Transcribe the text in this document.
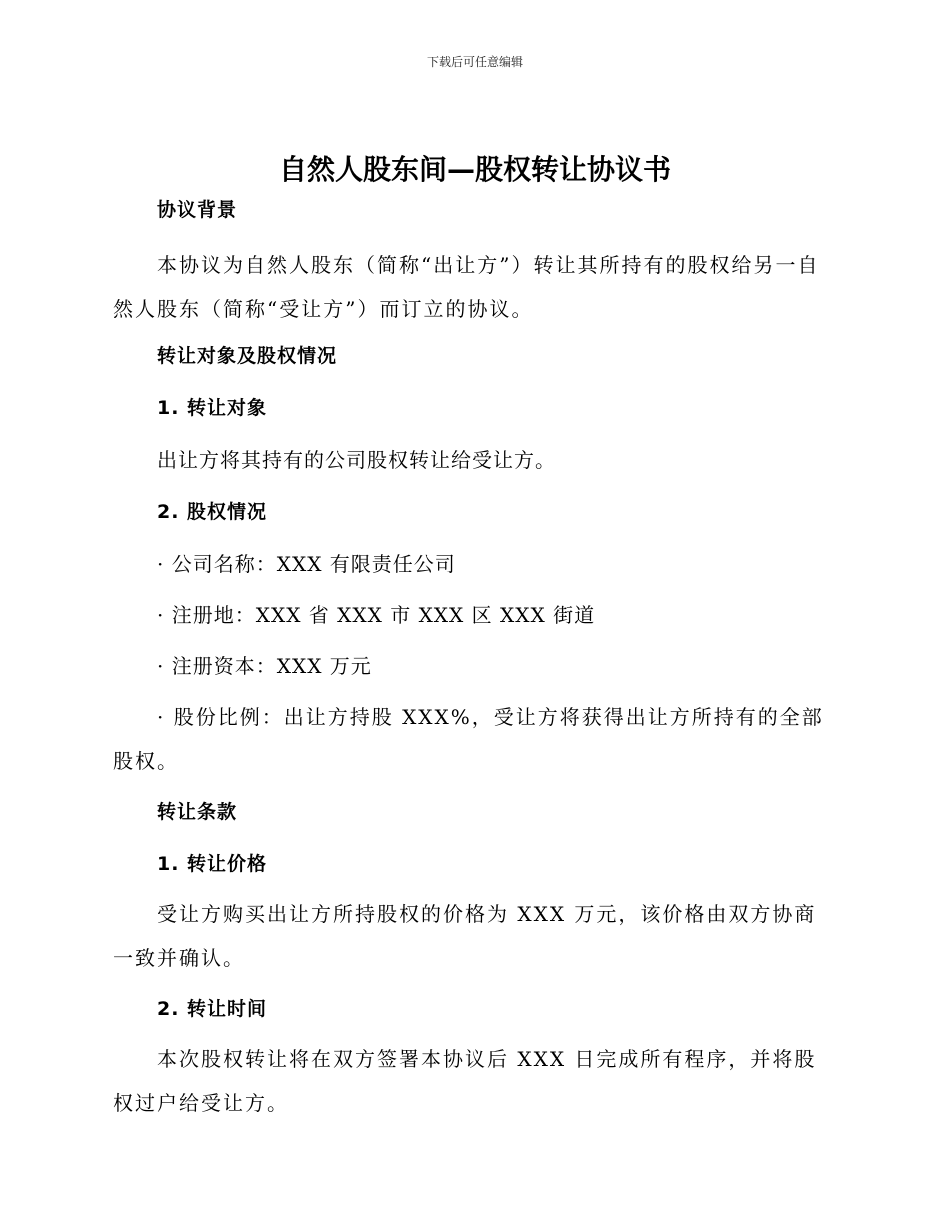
下载后可任意编辑
自然人股东间—股权转让协议书
协议背景

本协议为自然人股东（简称“出让方”）转让其所持有的股权给另一自然人股东（简称“受让方”）而订立的协议。

转让对象及股权情况
1. 转让对象
出让方将其持有的公司股权转让给受让方。
2. 股权情况
· 公司名称：XXX 有限责任公司
· 注册地：XXX 省 XXX 市 XXX 区 XXX 街道
· 注册资本：XXX 万元

· 股份比例：出让方持股 XXX%，受让方将获得出让方所持有的全部股权。

转让条款
1. 转让价格

受让方购买出让方所持股权的价格为 XXX 万元，该价格由双方协商一致并确认。

2. 转让时间

本次股权转让将在双方签署本协议后 XXX 日完成所有程序，并将股权过户给受让方。
